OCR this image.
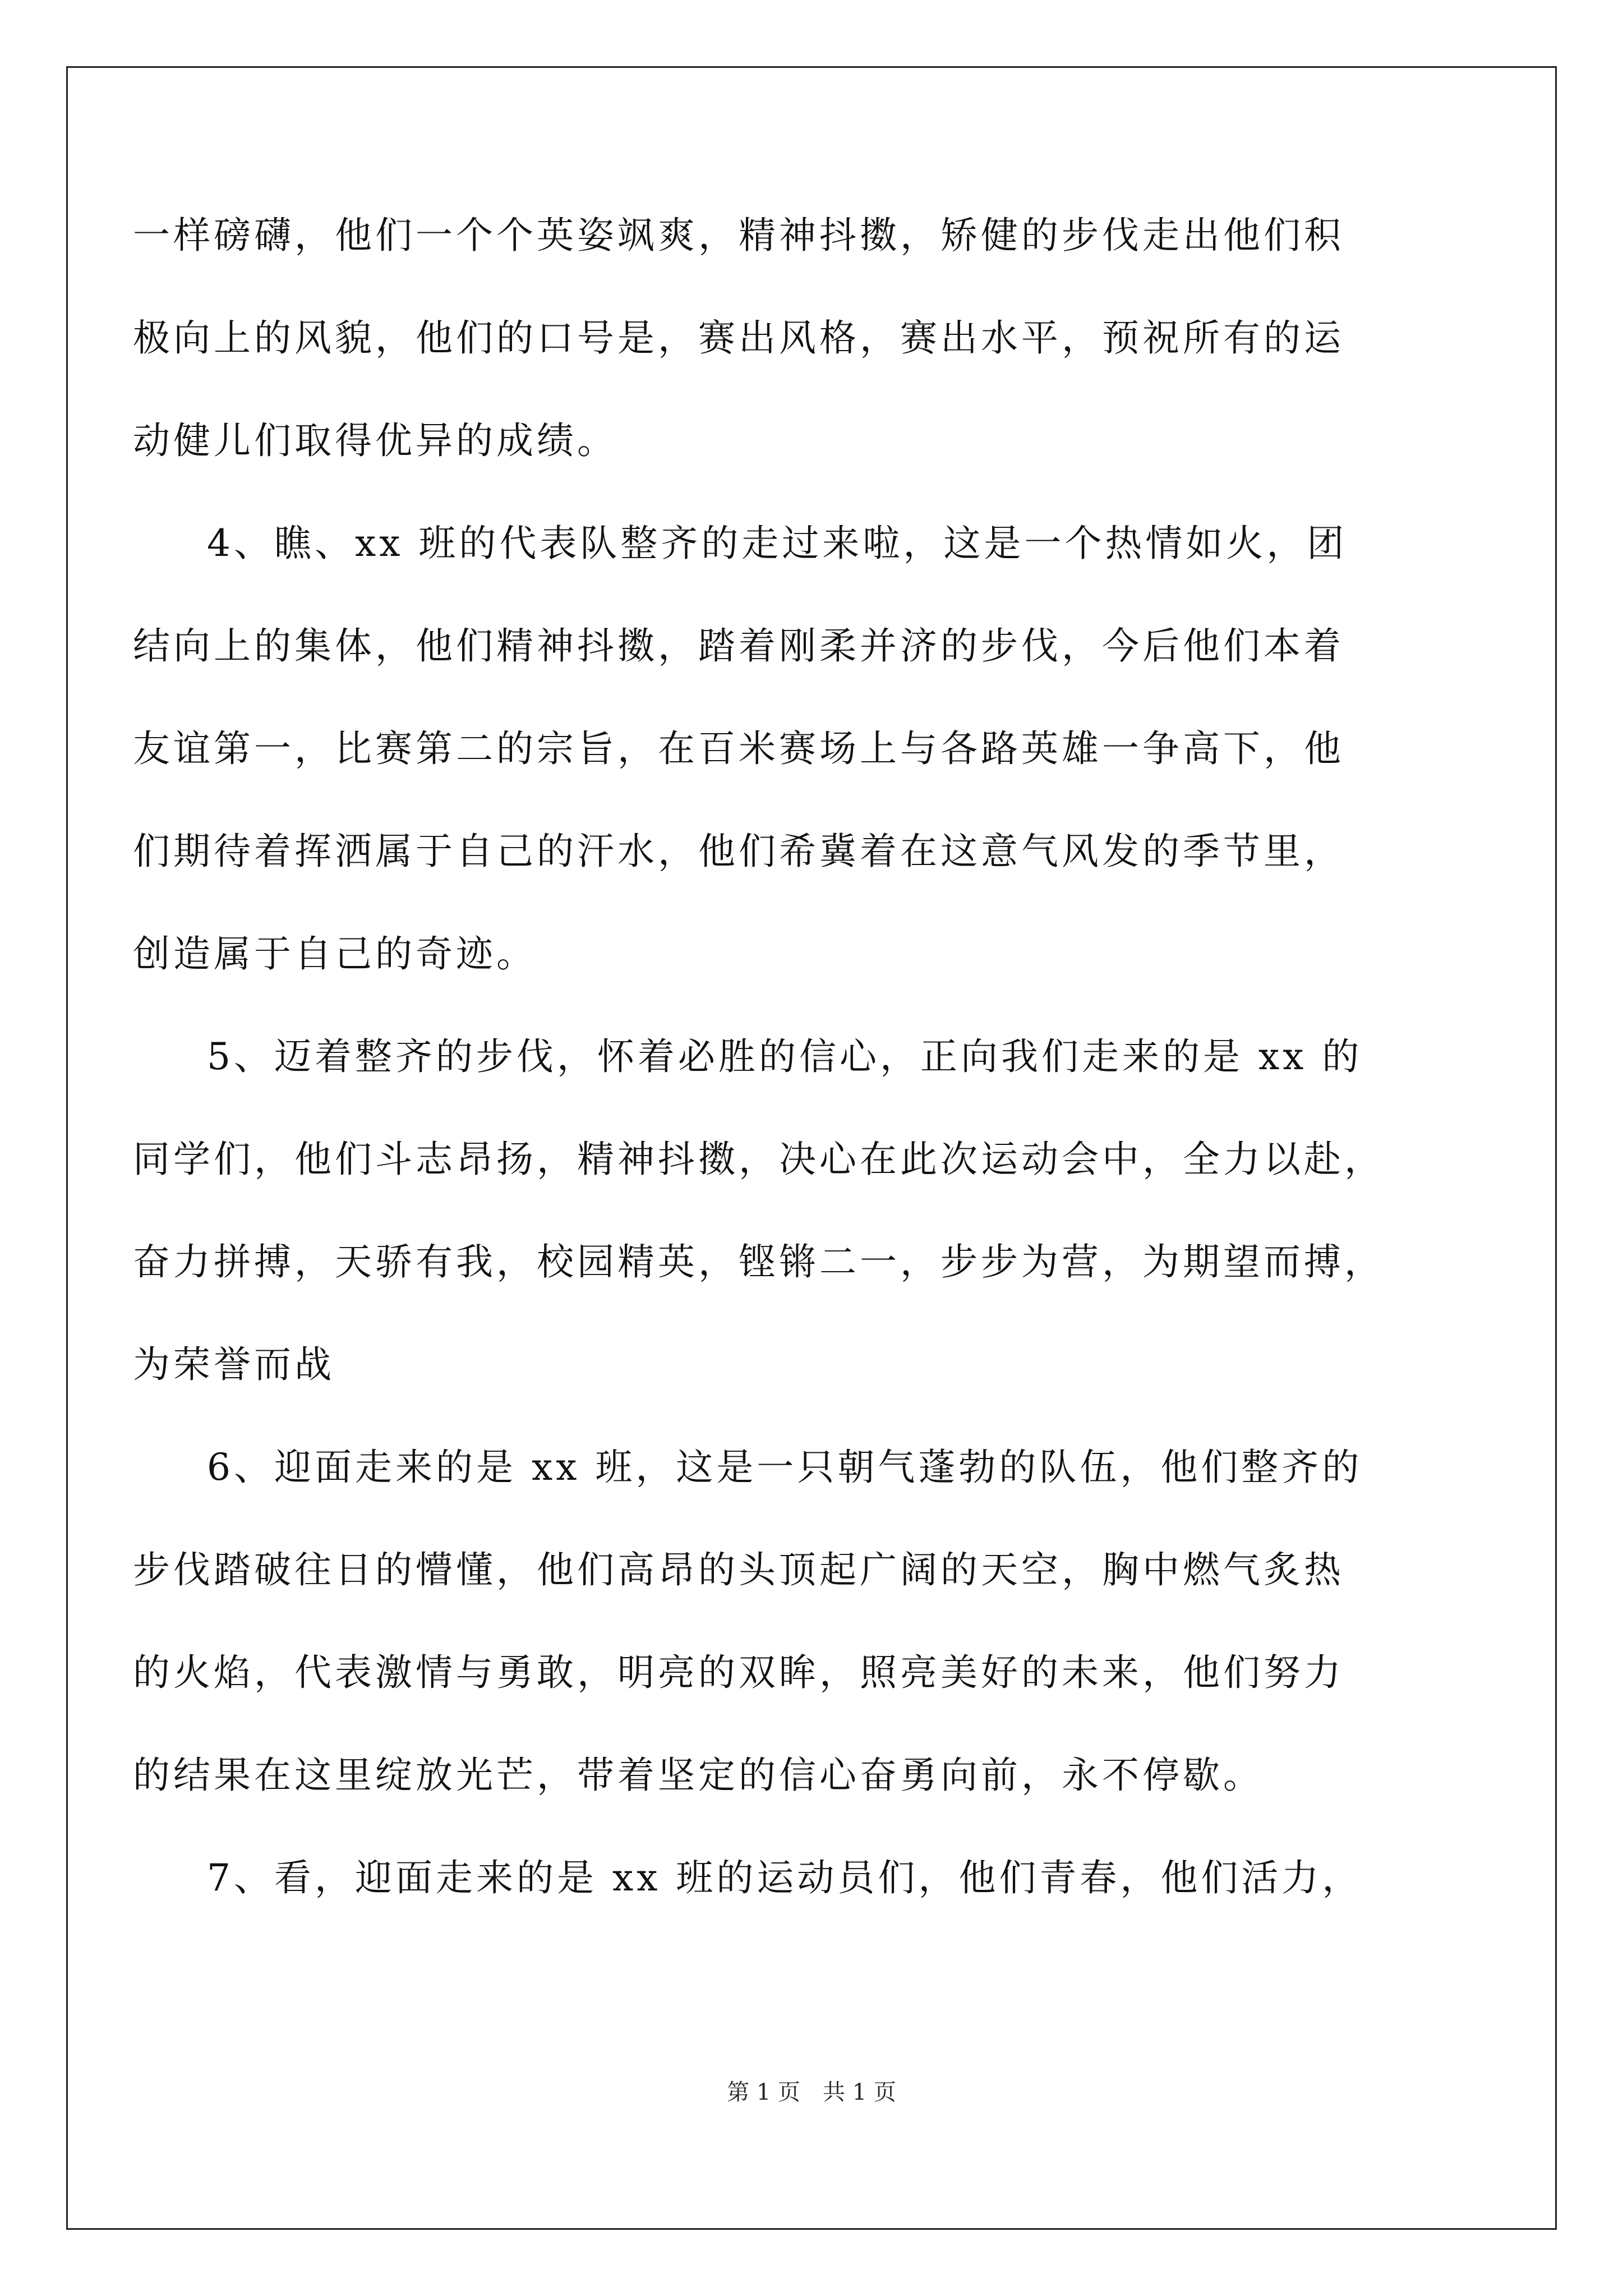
一样磅礴，他们一个个英姿飒爽，精神抖擞，矫健的步伐走出他们积
极向上的风貌，他们的口号是，赛出风格，赛出水平，预祝所有的运
动健儿们取得优异的成绩。
4、瞧、xx 班的代表队整齐的走过来啦，这是一个热情如火，团
结向上的集体，他们精神抖擞，踏着刚柔并济的步伐，今后他们本着
友谊第一，比赛第二的宗旨，在百米赛场上与各路英雄一争高下，他
们期待着挥洒属于自己的汗水，他们希冀着在这意气风发的季节里，
创造属于自己的奇迹。
5、迈着整齐的步伐，怀着必胜的信心，正向我们走来的是 xx 的
同学们，他们斗志昂扬，精神抖擞，决心在此次运动会中，全力以赴，
奋力拼搏，天骄有我，校园精英，铿锵二一，步步为营，为期望而搏，
为荣誉而战
6、迎面走来的是 xx 班，这是一只朝气蓬勃的队伍，他们整齐的
步伐踏破往日的懵懂，他们高昂的头顶起广阔的天空，胸中燃气炙热
的火焰，代表激情与勇敢，明亮的双眸，照亮美好的未来，他们努力
的结果在这里绽放光芒，带着坚定的信心奋勇向前，永不停歇。
7、看，迎面走来的是 xx 班的运动员们，他们青春，他们活力，
第 1 页　共 1 页
